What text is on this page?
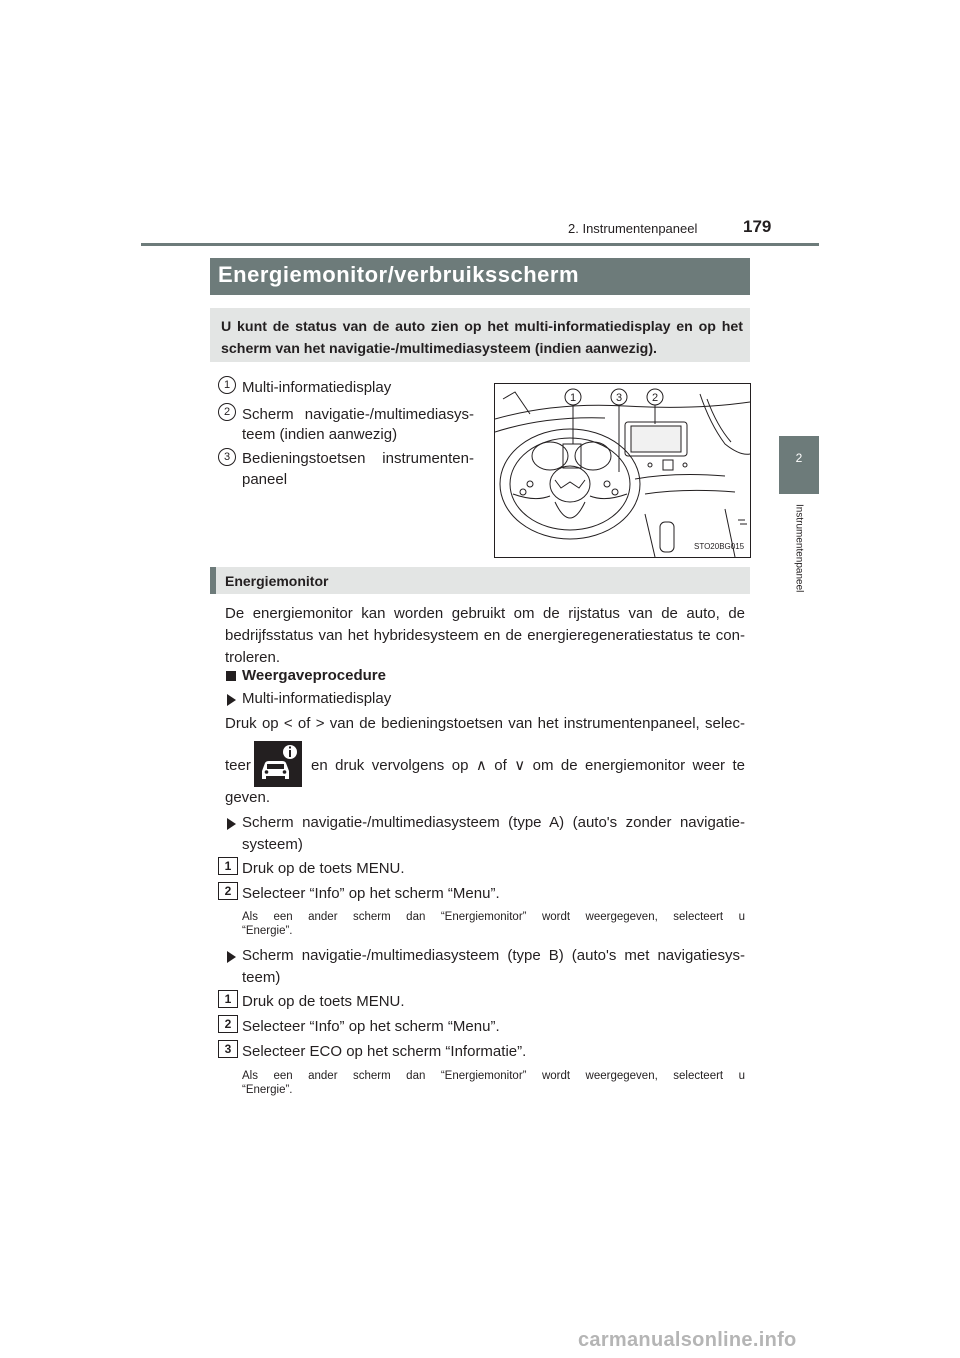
2. Instrumentenpaneel	179
2
Instrumentenpaneel
Energiemonitor/verbruiksscherm
U kunt de status van de auto zien op het multi-informatiedisplay en op het scherm van het navigatie-/multimediasysteem (indien aanwezig).
1 Multi-informatiedisplay
2 Scherm navigatie-/multimediasys-
teem (indien aanwezig)
3 Bedieningstoetsen instrumenten-
paneel
1	3	2
STO20BG015
Energiemonitor
De energiemonitor kan worden gebruikt om de rijstatus van de auto, de
bedrijfsstatus van het hybridesysteem en de energieregeneratiestatus te con-
troleren.
Weergaveprocedure
Multi-informatiedisplay
Druk op < of > van de bedieningstoetsen van het instrumentenpaneel, selec-
teer	en druk vervolgens op ∧ of ∨ om de energiemonitor weer te
geven.
Scherm navigatie-/multimediasysteem (type A) (auto's zonder navigatie-
systeem)
1 Druk op de toets MENU.
2 Selecteer “Info” op het scherm “Menu”.
Als een ander scherm dan “Energiemonitor” wordt weergegeven, selecteert u
“Energie”.
Scherm navigatie-/multimediasysteem (type B) (auto's met navigatiesys-
teem)
1 Druk op de toets MENU.
2 Selecteer “Info” op het scherm “Menu”.
3 Selecteer ECO op het scherm “Informatie”.
Als een ander scherm dan “Energiemonitor” wordt weergegeven, selecteert u
“Energie”.
carmanualsonline.info
